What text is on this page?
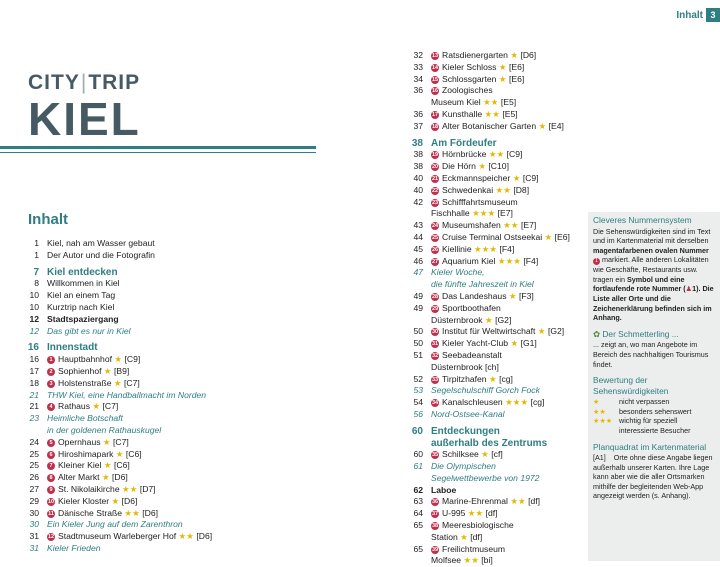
Inhalt 3
CITY|TRIP
KIEL
Inhalt
1 Kiel, nah am Wasser gebaut
1 Der Autor und die Fotografin
7 Kiel entdecken
8 Willkommen in Kiel
10 Kiel an einem Tag
10 Kurztrip nach Kiel
12 Stadtspaziergang
12 Das gibt es nur in Kiel
16 Innenstadt
16	1 Hauptbahnhof ★ [C9]
17	2 Sophienhof ★ [B9]
18	3 Holstenstraße ★ [C7]
21 THW Kiel, eine Handballmacht im Norden
21	4 Rathaus ★ [C7]
23 Heimliche Botschaft
in der goldenen Rathauskugel
24	5 Opernhaus ★ [C7]
25	6 Hiroshimapark ★ [C6]
25	7 Kleiner Kiel ★ [C6]
26	8 Alter Markt ★ [D6]
27	9 St. Nikolaikirche ★★ [D7]
29 10 Kieler Kloster ★ [D6]
30 11 Dänische Straße ★★ [D6]
30 Ein Kieler Jung auf dem Zarenthron
31 12 Stadtmuseum Warleberger Hof ★★ [D6]
31 Kieler Frieden
32 13 Ratsdienergarten ★ [D6]
33 14 Kieler Schloss ★ [E6]
34 15 Schlossgarten ★ [E6]
36 16 Zoologisches
Museum Kiel ★★ [E5]
36 17 Kunsthalle ★★ [E5]
37 18 Alter Botanischer Garten ★ [E4]
38 Am Fördeufer
38 19 Hörnbrücke ★★ [C9]
38 20 Die Hörn ★ [C10]
40 21 Eckmannspeicher ★ [C9]
40 22 Schwedenkai ★★ [D8]
42 23 Schifffahrtsmuseum
Fischhalle ★★★ [E7]
43 24 Museumshafen ★★ [E7]
44 25 Cruise Terminal Ostseekai ★ [E6]
45 26 Kiellinie ★★★ [F4]
46 27 Aquarium Kiel ★★★ [F4]
47 Kieler Woche,
die fünfte Jahreszeit in Kiel
49 28 Das Landeshaus ★ [F3]
49 29 Sportboothafen
Düsternbrook ★ [G2]
50 30 Institut für Weltwirtschaft ★ [G2]
50 31 Kieler Yacht-Club ★ [G1]
51 32 Seebadeanstalt
Düsternbrook [ch]
52 33 Tirpitzhafen ★ [cg]
53 Segelschulschiff Gorch Fock
54 34 Kanalschleusen ★★★ [cg]
56 Nord-Ostsee-Kanal
60 Entdeckungen
außerhalb des Zentrums
60 35 Schilksee ★ [cf]
61 Die Olympischen
Segelwettbewerbe von 1972
62 Laboe
63 36 Marine-Ehrenmal ★★ [df]
64 37 U-995 ★★ [df]
65 38 Meeresbiologische
Station ★ [df]
65 39 Freilichtmuseum
Molfsee ★★ [bi]
Cleveres Nummernsystem
Die Sehenswürdigkeiten sind im Text und im Kartenmaterial mit derselben magentafarbenen ovalen Nummer 1 markiert. Alle anderen Lokalitäten wie Geschäfte, Restaurants usw. tragen ein Symbol und eine fortlaufende rote Nummer (♟1). Die Liste aller Orte und die Zeichenerklärung befinden sich im Anhang.
✿ Der Schmetterling ...
... zeigt an, wo man Angebote im Bereich des nachhaltigen Tourismus findet.
Bewertung der Sehenswürdigkeiten
★	nicht verpassen
★★	besonders sehenswert
★★★ wichtig für speziell interessierte Besucher
Planquadrat im Kartenmaterial
[A1] Orte ohne diese Angabe liegen außerhalb unserer Karten. Ihre Lage kann aber wie die aller Ortsmarken mithilfe der begleitenden Web-App angezeigt werden (s. Anhang).
